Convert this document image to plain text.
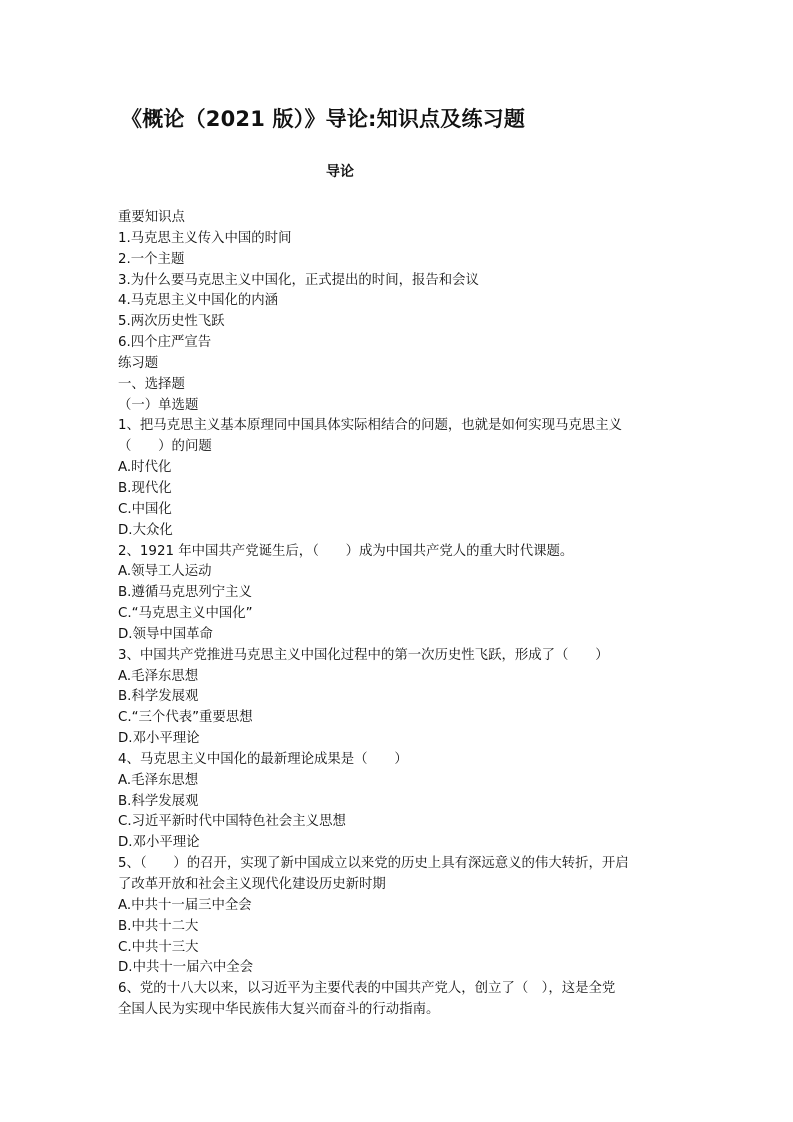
《概论（2021 版）》导论:知识点及练习题
导论
重要知识点
1.马克思主义传入中国的时间
2.一个主题
3.为什么要马克思主义中国化，正式提出的时间，报告和会议
4.马克思主义中国化的内涵
5.两次历史性飞跃
6.四个庄严宣告
练习题
一、选择题
（一）单选题
1、把马克思主义基本原理同中国具体实际相结合的问题，也就是如何实现马克思主义
（　　）的问题
A.时代化
B.现代化
C.中国化
D.大众化
2、1921 年中国共产党诞生后，（　　）成为中国共产党人的重大时代课题。
A.领导工人运动
B.遵循马克思列宁主义
C.“马克思主义中国化”
D.领导中国革命
3、中国共产党推进马克思主义中国化过程中的第一次历史性飞跃，形成了（　　）
A.毛泽东思想
B.科学发展观
C.“三个代表”重要思想
D.邓小平理论
4、马克思主义中国化的最新理论成果是（　　）
A.毛泽东思想
B.科学发展观
C.习近平新时代中国特色社会主义思想
D.邓小平理论
5、（　　）的召开，实现了新中国成立以来党的历史上具有深远意义的伟大转折，开启
了改革开放和社会主义现代化建设历史新时期
A.中共十一届三中全会
B.中共十二大
C.中共十三大
D.中共十一届六中全会
6、党的十八大以来，以习近平为主要代表的中国共产党人，创立了（　），这是全党
全国人民为实现中华民族伟大复兴而奋斗的行动指南。
